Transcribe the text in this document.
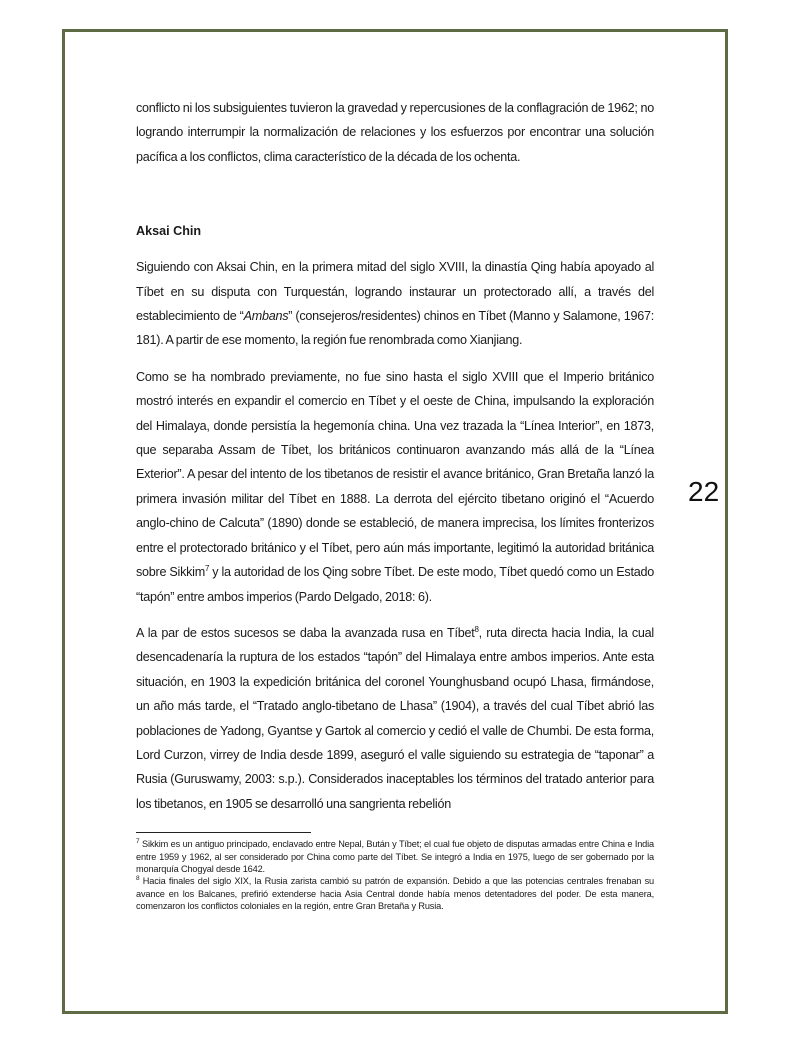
22

conflicto ni los subsiguientes tuvieron la gravedad y repercusiones de la conflagración de 1962; no logrando interrumpir la normalización de relaciones y los esfuerzos por encontrar una solución pacífica a los conflictos, clima característico de la década de los ochenta.

Aksai Chin

Siguiendo con Aksai Chin, en la primera mitad del siglo XVIII, la dinastía Qing había apoyado al Tíbet en su disputa con Turquestán, logrando instaurar un protectorado allí, a través del establecimiento de “Ambans” (consejeros/residentes) chinos en Tíbet (Manno y Salamone, 1967: 181). A partir de ese momento, la región fue renombrada como Xianjiang.

Como se ha nombrado previamente, no fue sino hasta el siglo XVIII que el Imperio británico mostró interés en expandir el comercio en Tíbet y el oeste de China, impulsando la exploración del Himalaya, donde persistía la hegemonía china. Una vez trazada la “Línea Interior”, en 1873, que separaba Assam de Tíbet, los británicos continuaron avanzando más allá de la “Línea Exterior”. A pesar del intento de los tibetanos de resistir el avance británico, Gran Bretaña lanzó la primera invasión militar del Tíbet en 1888. La derrota del ejército tibetano originó el “Acuerdo anglo-chino de Calcuta” (1890) donde se estableció, de manera imprecisa, los límites fronterizos entre el protectorado británico y el Tíbet, pero aún más importante, legitimó la autoridad británica sobre Sikkim$^7$ y la autoridad de los Qing sobre Tíbet. De este modo, Tíbet quedó como un Estado “tapón” entre ambos imperios (Pardo Delgado, 2018: 6).

A la par de estos sucesos se daba la avanzada rusa en Tíbet$^8$, ruta directa hacia India, la cual desencadenaría la ruptura de los estados “tapón” del Himalaya entre ambos imperios. Ante esta situación, en 1903 la expedición británica del coronel Younghusband ocupó Lhasa, firmándose, un año más tarde, el “Tratado anglo-tibetano de Lhasa” (1904), a través del cual Tíbet abrió las poblaciones de Yadong, Gyantse y Gartok al comercio y cedió el valle de Chumbi. De esta forma, Lord Curzon, virrey de India desde 1899, aseguró el valle siguiendo su estrategia de “taponar” a Rusia (Guruswamy, 2003: s.p.). Considerados inaceptables los términos del tratado anterior para los tibetanos, en 1905 se desarrolló una sangrienta rebelión

$^7$ Sikkim es un antiguo principado, enclavado entre Nepal, Bután y Tíbet; el cual fue objeto de disputas armadas entre China e India entre 1959 y 1962, al ser considerado por China como parte del Tíbet. Se integró a India en 1975, luego de ser gobernado por la monarquía Chogyal desde 1642.

$^8$ Hacia finales del siglo XIX, la Rusia zarista cambió su patrón de expansión. Debido a que las potencias centrales frenaban su avance en los Balcanes, prefirió extenderse hacia Asia Central donde había menos detentadores del poder. De esta manera, comenzaron los conflictos coloniales en la región, entre Gran Bretaña y Rusia.
